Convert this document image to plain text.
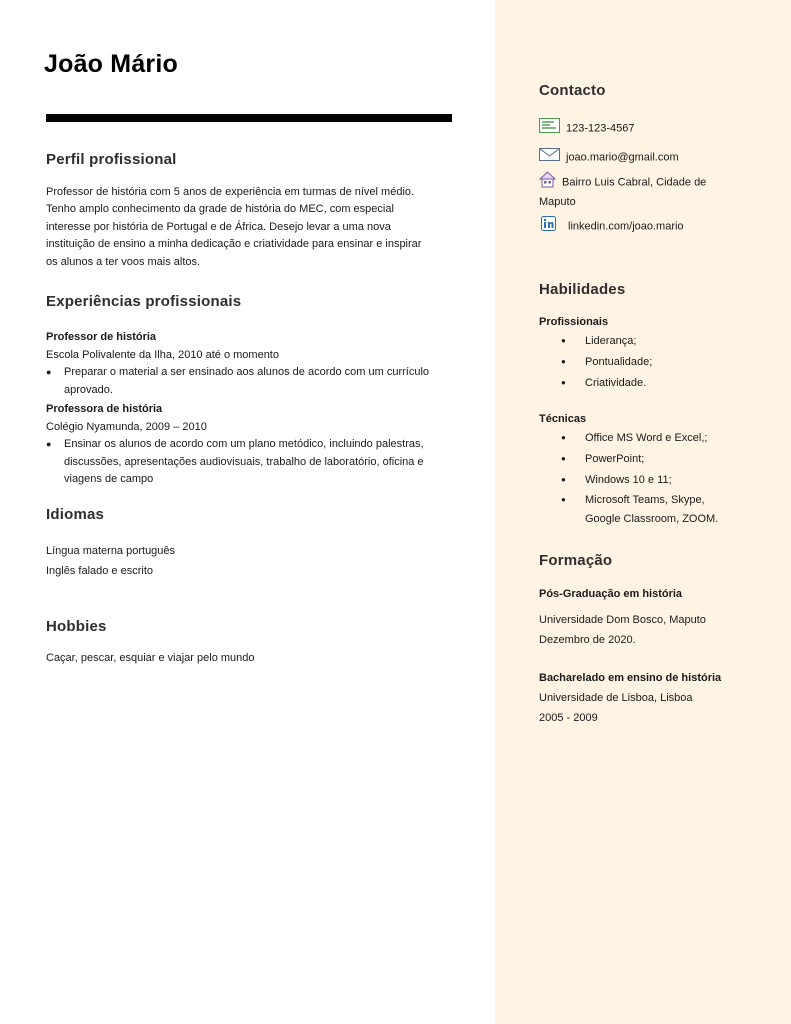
João Mário
Perfil profissional
Professor de história com 5 anos de experiência em turmas de nível médio.
Tenho amplo conhecimento da grade de história do MEC, com especial
interesse por história de Portugal e de África. Desejo levar a uma nova
instituição de ensino a minha dedicação e criatividade para ensinar e inspirar
os alunos a ter voos mais altos.
Experiências profissionais
Professor de história
Escola Polivalente da Ilha, 2010 até o momento
● Preparar o material a ser ensinado aos alunos de acordo com um currículo
aprovado.
Professora de história
Colégio Nyamunda, 2009 – 2010
● Ensinar os alunos de acordo com um plano metódico, incluindo palestras,
discussões, apresentações audiovisuais, trabalho de laboratório, oficina e
viagens de campo
Idiomas
Língua materna português
Inglês falado e escrito
Hobbies
Caçar, pescar, esquiar e viajar pelo mundo
Contacto
123-123-4567
joao.mario@gmail.com
Bairro Luis Cabral, Cidade de
Maputo
linkedin.com/joao.mario
Habilidades
Profissionais
● Liderança;
● Pontualidade;
● Criatividade.
Técnicas
● Office MS Word e Excel,;
● PowerPoint;
● Windows 10 e 11;
● Microsoft Teams, Skype,
Google Classroom, ZOOM.
Formação
Pós-Graduação em história
Universidade Dom Bosco, Maputo
Dezembro de 2020.
Bacharelado em ensino de história
Universidade de Lisboa, Lisboa
2005 - 2009
